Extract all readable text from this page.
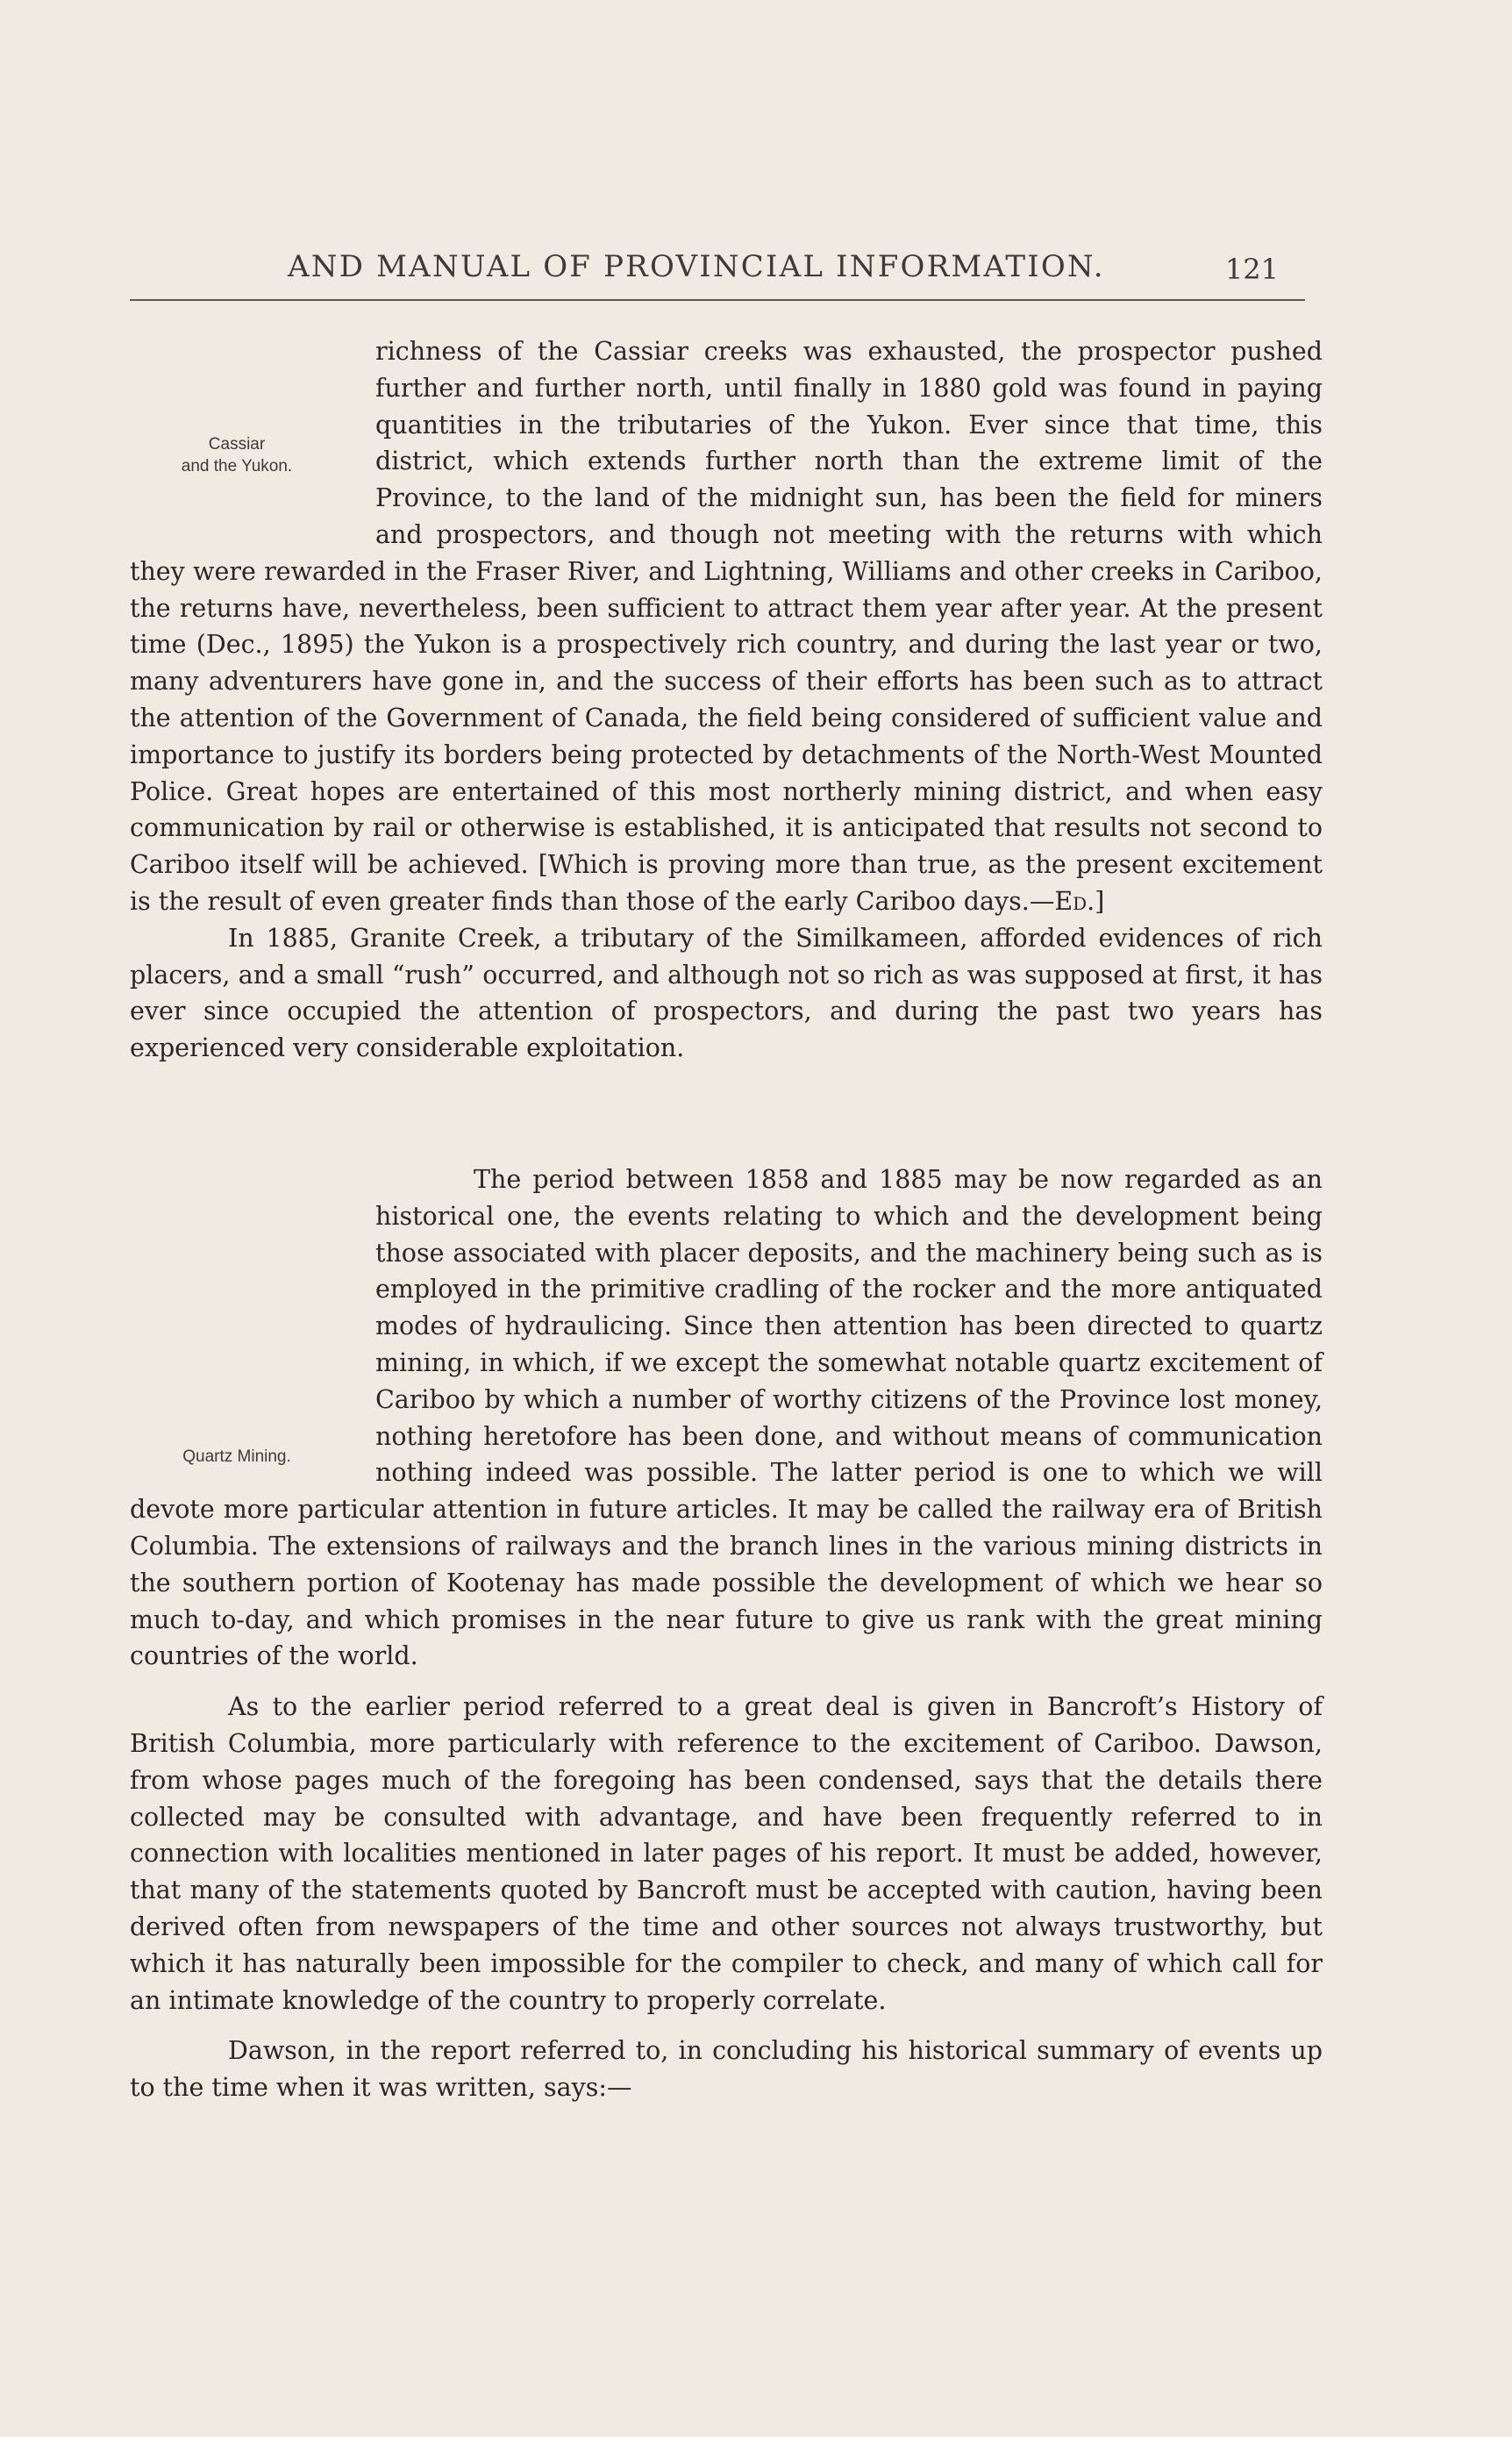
AND MANUAL OF PROVINCIAL INFORMATION.	121
Cassiar
and the Yukon.
Quartz Mining.

richness of the Cassiar creeks was exhausted, the prospector pushed further and further north, until finally in 1880 gold was found in paying quantities in the tributaries of the Yukon. Ever since that time, this district, which extends further north than the extreme limit of the Province, to the land of the midnight sun, has been the field for miners and prospectors, and though not meeting with the returns with which they were rewarded in the Fraser River, and Lightning, Williams and other creeks in Cariboo, the returns have, nevertheless, been sufficient to attract them year after year. At the present time (Dec., 1895) the Yukon is a prospectively rich country, and during the last year or two, many adventurers have gone in, and the success of their efforts has been such as to attract the attention of the Government of Canada, the field being considered of sufficient value and importance to justify its borders being protected by detachments of the North-West Mounted Police. Great hopes are entertained of this most northerly mining district, and when easy communication by rail or otherwise is established, it is anticipated that results not second to Cariboo itself will be achieved. [Which is proving more than true, as the present excitement is the result of even greater finds than those of the early Cariboo days.—Ed.]

In 1885, Granite Creek, a tributary of the Similkameen, afforded evidences of rich placers, and a small “rush” occurred, and although not so rich as was supposed at first, it has ever since occupied the attention of prospectors, and during the past two years has experienced very considerable exploitation.

The period between 1858 and 1885 may be now regarded as an historical one, the events relating to which and the development being those associated with placer deposits, and the machinery being such as is employed in the primitive cradling of the rocker and the more antiquated modes of hydraulicing. Since then attention has been directed to quartz mining, in which, if we except the somewhat notable quartz excitement of Cariboo by which a number of worthy citizens of the Province lost money, nothing heretofore has been done, and without means of communication nothing indeed was possible. The latter period is one to which we will devote more particular attention in future articles. It may be called the railway era of British Columbia. The extensions of railways and the branch lines in the various mining districts in the southern portion of Kootenay has made possible the development of which we hear so much to-day, and which promises in the near future to give us rank with the great mining countries of the world.

As to the earlier period referred to a great deal is given in Bancroft’s History of British Columbia, more particularly with reference to the excitement of Cariboo. Dawson, from whose pages much of the foregoing has been condensed, says that the details there collected may be consulted with advantage, and have been frequently referred to in connection with localities mentioned in later pages of his report. It must be added, however, that many of the statements quoted by Bancroft must be accepted with caution, having been derived often from newspapers of the time and other sources not always trustworthy, but which it has naturally been impossible for the compiler to check, and many of which call for an intimate knowledge of the country to properly correlate.

Dawson, in the report referred to, in concluding his historical summary of events up to the time when it was written, says:—
